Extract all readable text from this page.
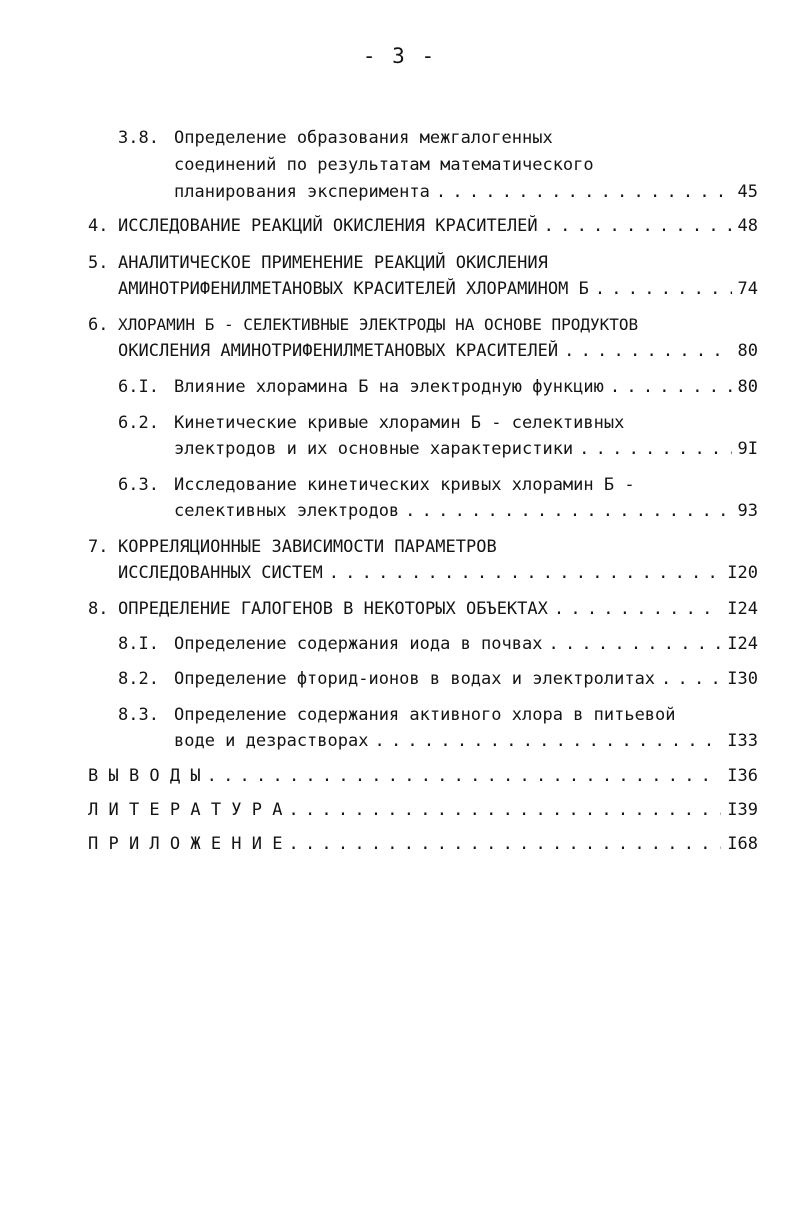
- 3 -
3.8. Определение образования межгалогенных
соединений по результатам математического
планирования эксперимента . . .	45
4. ИССЛЕДОВАНИЕ РЕАКЦИЙ ОКИСЛЕНИЯ КРАСИТЕЛЕЙ . . .	48
5. АНАЛИТИЧЕСКОЕ ПРИМЕНЕНИЕ РЕАКЦИЙ ОКИСЛЕНИЯ
АМИНОТРИФЕНИЛМЕТАНОВЫХ КРАСИТЕЛЕЙ ХЛОРАМИНОМ Б . . .	74
6. ХЛОРАМИН Б - СЕЛЕКТИВНЫЕ ЭЛЕКТРОДЫ НА ОСНОВЕ ПРОДУКТОВ
ОКИСЛЕНИЯ АМИНОТРИФЕНИЛМЕТАНОВЫХ КРАСИТЕЛЕЙ . . .	80
6.I. Влияние хлорамина Б на электродную функцию . . .	80
6.2. Кинетические кривые хлорамин Б - селективных
электродов и их основные характеристики . . .	9I
6.3. Исследование кинетических кривых хлорамин Б -
селективных электродов . . .	93
7. КОРРЕЛЯЦИОННЫЕ ЗАВИСИМОСТИ ПАРАМЕТРОВ
ИССЛЕДОВАННЫХ СИСТЕМ . . .	I20
8. ОПРЕДЕЛЕНИЕ ГАЛОГЕНОВ В НЕКОТОРЫХ ОБЪЕКТАХ . . .	I24
8.I. Определение содержания иода в почвах . . .	I24
8.2. Определение фторид-ионов в водах и электролитах . . .	I30
8.3. Определение содержания активного хлора в питьевой
воде и дезрастворах . . .	I33
В Ы В О Д Ы . . .	I36
Л И Т Е Р А Т У Р А . . .	I39
П Р И Л О Ж Е Н И Е . . .	I68
